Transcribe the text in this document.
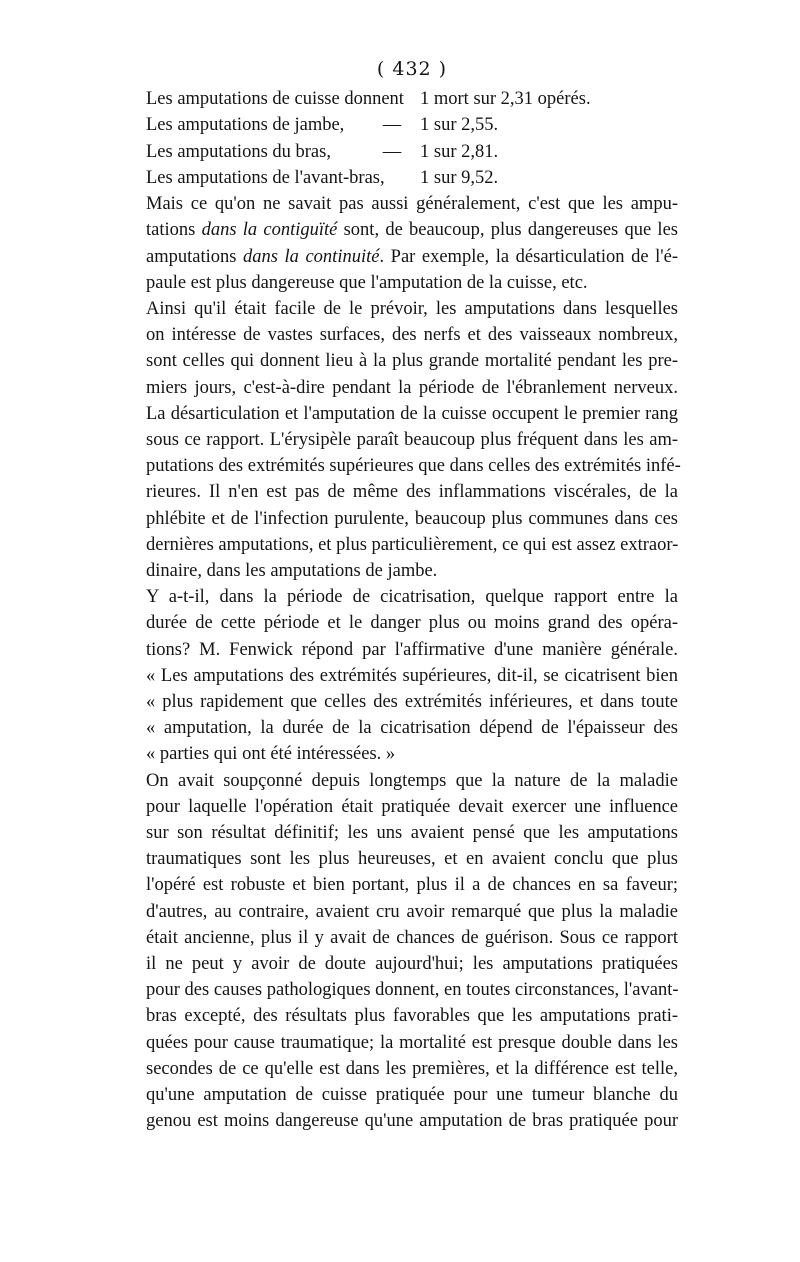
( 432 )
Les amputations de cuisse donnent 1 mort sur 2,31 opérés.
Les amputations de jambe,	—	1 sur 2,55.
Les amputations du bras,	—	1 sur 2,81.
Les amputations de l'avant-bras,	1 sur 9,52.
Mais ce qu'on ne savait pas aussi généralement, c'est que les ampu-
tations dans la contiguïté sont, de beaucoup, plus dangereuses que les
amputations dans la continuité. Par exemple, la désarticulation de l'é-
paule est plus dangereuse que l'amputation de la cuisse, etc.
Ainsi qu'il était facile de le prévoir, les amputations dans lesquelles
on intéresse de vastes surfaces, des nerfs et des vaisseaux nombreux,
sont celles qui donnent lieu à la plus grande mortalité pendant les pre-
miers jours, c'est-à-dire pendant la période de l'ébranlement nerveux.
La désarticulation et l'amputation de la cuisse occupent le premier rang
sous ce rapport. L'érysipèle paraît beaucoup plus fréquent dans les am-
putations des extrémités supérieures que dans celles des extrémités infé-
rieures. Il n'en est pas de même des inflammations viscérales, de la
phlébite et de l'infection purulente, beaucoup plus communes dans ces
dernières amputations, et plus particulièrement, ce qui est assez extraor-
dinaire, dans les amputations de jambe.
Y a-t-il, dans la période de cicatrisation, quelque rapport entre la
durée de cette période et le danger plus ou moins grand des opéra-
tions? M. Fenwick répond par l'affirmative d'une manière générale.
« Les amputations des extrémités supérieures, dit-il, se cicatrisent bien
« plus rapidement que celles des extrémités inférieures, et dans toute
« amputation, la durée de la cicatrisation dépend de l'épaisseur des
« parties qui ont été intéressées. »
On avait soupçonné depuis longtemps que la nature de la maladie
pour laquelle l'opération était pratiquée devait exercer une influence
sur son résultat définitif; les uns avaient pensé que les amputations
traumatiques sont les plus heureuses, et en avaient conclu que plus
l'opéré est robuste et bien portant, plus il a de chances en sa faveur;
d'autres, au contraire, avaient cru avoir remarqué que plus la maladie
était ancienne, plus il y avait de chances de guérison. Sous ce rapport
il ne peut y avoir de doute aujourd'hui; les amputations pratiquées
pour des causes pathologiques donnent, en toutes circonstances, l'avant-
bras excepté, des résultats plus favorables que les amputations prati-
quées pour cause traumatique; la mortalité est presque double dans les
secondes de ce qu'elle est dans les premières, et la différence est telle,
qu'une amputation de cuisse pratiquée pour une tumeur blanche du
genou est moins dangereuse qu'une amputation de bras pratiquée pour
